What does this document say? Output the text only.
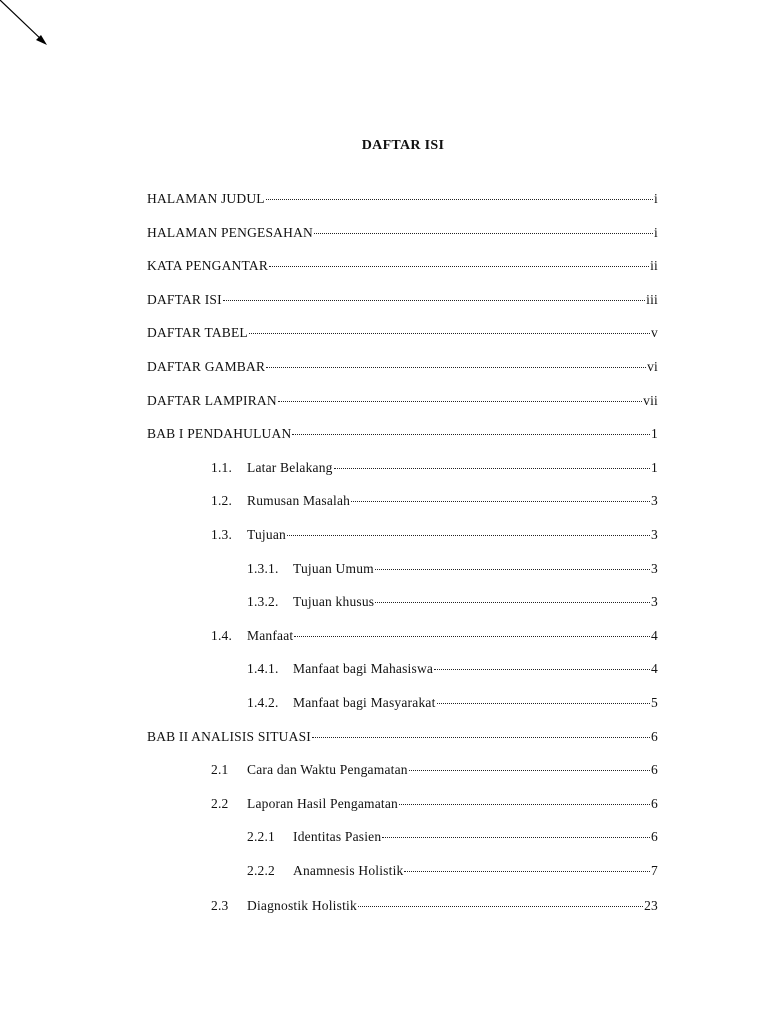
DAFTAR ISI
HALAMAN JUDUL	i
HALAMAN PENGESAHAN	i
KATA PENGANTAR	ii
DAFTAR ISI	iii
DAFTAR TABEL	v
DAFTAR GAMBAR	vi
DAFTAR LAMPIRAN	vii
BAB I PENDAHULUAN	1
1.1.	Latar Belakang	1
1.2.	Rumusan Masalah	3
1.3.	Tujuan	3
1.3.1.	Tujuan Umum	3
1.3.2.	Tujuan khusus	3
1.4.	Manfaat	4
1.4.1.	Manfaat bagi Mahasiswa	4
1.4.2.	Manfaat bagi Masyarakat	5
BAB II ANALISIS SITUASI	6
2.1	Cara dan Waktu Pengamatan	6
2.2	Laporan Hasil Pengamatan	6
2.2.1	Identitas Pasien	6
2.2.2	Anamnesis Holistik	7
2.3	Diagnostik Holistik	23
